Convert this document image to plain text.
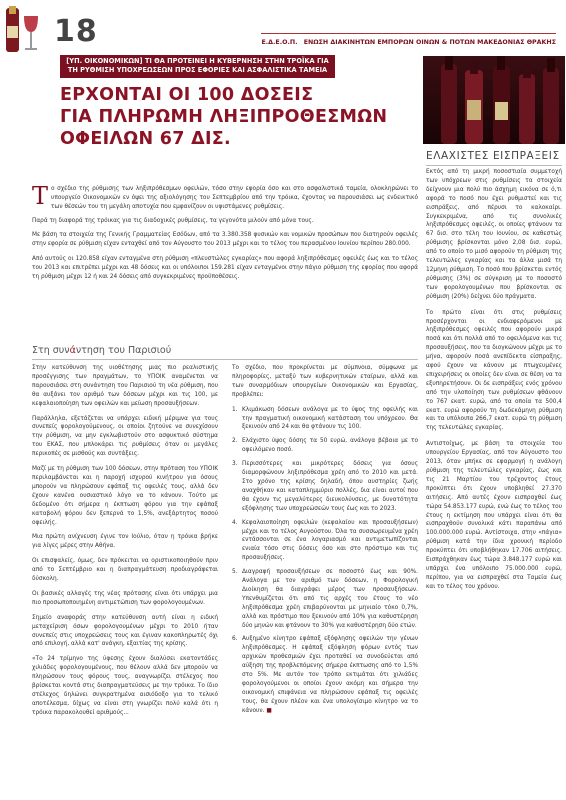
18	Ε.Δ.Ε.Ο.Π. ΕΝΩΣΗ ΔΙΑΚΙΝΗΤΩΝ ΕΜΠΟΡΩΝ ΟΙΝΩΝ & ΠΟΤΩΝ ΜΑΚΕΔΟΝΙΑΣ ΘΡΑΚΗΣ
[ΥΠ. ΟΙΚΟΝΟΜΙΚΩΝ] ΤΙ ΘΑ ΠΡΟΤΕΙΝΕΙ Η ΚΥΒΕΡΝΗΣΗ ΣΤΗΝ ΤΡΟΪΚΑ ΓΙΑ ΤΗ ΡΥΘΜΙΣΗ ΥΠΟΧΡΕΩΣΕΩΝ ΠΡΟΣ ΕΦΟΡΙΕΣ ΚΑΙ ΑΣΦΑΛΙΣΤΙΚΑ ΤΑΜΕΙΑ
ΕΡΧΟΝΤΑΙ ΟΙ 100 ΔΟΣΕΙΣ
ΓΙΑ ΠΛΗΡΩΜΗ ΛΗΞΙΠΡΟΘΕΣΜΩΝ
ΟΦΕΙΛΩΝ 67 ΔΙΣ.
ΕΛΑΧΙΣΤΕΣ ΕΙΣΠΡΑΞΕΙΣ

Εκτός από τη μικρή ποσοστιαία συμμετοχή των υπόχρεων στις ρυθμίσεις τα στοιχεία δείχνουν μια πολύ πιο άσχημη εικόνα σε ό,τι αφορά το ποσό που έχει ρυθμιστεί και τις εισπράξεις, από πέρυσι το καλοκαίρι. Συγκεκριμένα, από τις συνολικές ληξιπρόθεσμες οφειλές, οι οποίες φτάνουν τα 67 δισ. στο τέλη του Ιουνίου, σε καθεστώς ρύθμισης βρίσκονται μόνο 2,08 δισ. ευρώ, από το οποίο το μισό αφορούν τη ρύθμιση της τελευτώλες εγκαρίας και τα άλλα μισά τη 12μηνη ρύθμιση. Το ποσό που βρίσκεται εντός ρύθμισης (3%) σε σύγκριση με το ποσοστό των φορολογουμένων που βρίσκονται σε ρύθμιση (20%) δείχνει δύο πράγματα.

Το πρώτο είναι ότι στις ρυθμίσεις προσέρχονται οι ενδιαφερόμενοι με ληξιπρόθεσμες οφειλές που αφορούν μικρά ποσά και ότι πολλά από το οφειλόμενα και τις προσαυξήσεις, που τα διογκώνουν μέχρι με το μήνα, αφορούν ποσά ανεπίδεκτα είσπραξης, αφού έχουν να κάνουν με πτωχευμένες επιχειρήσεις οι οποίες δεν είναι σε θέση να τα εξυπηρετήσουν. Οι δε εισπράξεις ενός χρόνου από την υλοποίηση των ρυθμίσεων φθάνουν το 767 εκατ. ευρώ, από τα οποία τα 500,4 εκατ. ευρώ αφορούν τη δωδεκάμηνη ρύθμιση και τα υπόλοιπα 266,7 εκατ. ευρώ τη ρύθμιση της τελευτώλες εγκαρίας.

Αντιστοίχως, με βάση τα στοιχεία του υπουργείου Εργασίας, από τον Αύγουστο του 2013, όταν μπήκε σε εφαρμογή η ανάλογη ρύθμιση της τελευτώλες εγκαρίας, έως και τις 21 Μαρτίου του τρέχοντος έτους προκύπτει ότι έχουν υποβληθεί 27.370 αιτήσεις. Από αυτές έχουν εισπραχθεί έως τώρα 54.853.177 ευρώ, ενώ έως το τέλος του έτους η εκτίμηση που υπάρχει είναι ότι θα εισπραχθούν συνολικά κάτι παραπάνω από 100.000.000 ευρώ. Αντίστοιχα, στην «πάγια» ρύθμιση κατά την ίδια χρονική περίοδο προκύπτει ότι υποβλήθηκαν 17.706 αιτήσεις. Εισπράχθηκαν έως τώρα 3.848.177 ευρώ και υπάρχει ένα υπόλοιπο 75.000.000 ευρώ, περίπου, για να εισπραχθεί στα Ταμεία έως και το τέλος του χρόνου.

Τ ο σχέδιο της ρύθμισης των ληξιπρόθεσμων οφειλών, τόσο στην εφορία όσο και στο ασφαλιστικά ταμεία, ολοκληρώνει το υπουργείο Οικονομικών εν όψει της αξιολόγησης του Σεπτεμβρίου από την τρόικα, έχοντας να παρουσιάσει ως ενδεικτικό των θέσεών του τη μεγάλη αποτυχία που εμφανίζουν οι υφιστάμενες ρυθμίσεις.

Παρά τη διαφορά της τρόικας για τις διαδοχικές ρυθμίσεις, τα γεγονότα μιλούν από μόνα τους.

Με βάση τα στοιχεία της Γενικής Γραμματείας Εσόδων, από τα 3.380.358 φυσικών και νομικών προσώπων που διατηρούν οφειλές στην εφορία σε ρύθμιση είχαν ενταχθεί από τον Αύγουστο του 2013 μέχρι και το τέλος του περασμένου Ιουνίου περίπου 280.000.

Από αυτούς οι 120.858 είχαν ενταγμένα στη ρύθμιση «πλευστώλες εγκαρίας» που αφορά ληξιπρόθεσμες οφειλές έως και το τέλος του 2013 και επιτρέπει μέχρι και 48 δόσεις και οι υπόλοιποι 159.281 είχαν ενταγμένοι στην πάγιο ρύθμιση της εφορίας που αφορά τη ρύθμιση μέχρι 12 ή και 24 δόσεις από συγκεκριμένες προϋποθέσεις.

Στη συνάντηση του Παρισιού

Στην κατεύθυνση της υιοθέτησης μιας πιο ρεαλιστικής προσέγγισης των πραγμάτων, το ΥΠΟΙΚ αναμένεται να παρουσιάσει στη συνάντηση του Παρισιού τη νέα ρύθμιση, που θα αυξάνει τον αριθμό των δόσεων μέχρι και τις 100, με κεφαλαιοποίηση των οφειλών και μείωση προσαυξήσεων.

Παράλληλα, εξετάζεται να υπάρχει ειδική μέριμνα για τους συνεπείς φορολογούμενους, οι οποίοι ζητούνε να συνεχίσουν την ρύθμιση, να μην εγκλωβιστούν στο ασφυκτικό σύστημα του ΕΚΑΣ, που μπλοκάρει τις ρυθμίσεις όταν οι μεγάλες περικοπές σε μισθούς και συντάξεις.

Μαζί με τη ρύθμιση των 100 δόσεων, στην πρόταση του ΥΠΟΙΚ περιλαμβάνεται και η παροχή ισχυρού κινήτρου για όσους μπορούν να πληρώσουν εφάπαξ τις οφειλές τους, αλλά δεν έχουν κανένα ουσιαστικό λόγο να το κάνουν. Τούτο με δεδομένο ότι σήμερα η έκπτωση φόρου για την εφάπαξ καταβολή φόρου δεν ξεπερνά το 1,5%, ανεξάρτητος ποσού οφειλής.

Μια πρώτη ανίχνευση έγινε τον Ιούλιο, όταν η τρόικα βρήκε για λίγες μέρες στην Αθήνα.

Οι επισφαλείς, όμως, δεν πρόκειται να οριστικοποιηθούν πριν από το Σεπτέμβριο και η διαπραγμάτευση προδιαγράφεται δύσκολη.

Οι βασικές αλλαγές της νέας πρότασης είναι ότι υπάρχει μια πιο προσωποποιημένη αντιμετώπιση των φορολογουμένων.

Σημείο αναφοράς στην κατεύθυνση αυτή είναι η ειδική μεταχείριση όσων φορολογουμένων μέχρι το 2010 ήταν συνεπείς στις υποχρεώσεις τους και έγιναν κακοπληρωτές όχι από επιλογή, αλλά κατ' ανάγκη, εξαιτίας της κρίσης.

«Το 24 τρίμηνο της ύφεσης έχουν διαλύσει εκατοντάδες χιλιάδες φορολογουμένους, που θέλουν αλλά δεν μπορούν να πληρώσουν τους φόρους τους, αναγνωρίζει στέλεχος που βρίσκεται κοντά στις διαπραγματεύσεις με την τρόικα. Το ίδιο στέλεχος δηλώνει συγκρατημένα αισιόδοξο για το τελικό αποτέλεσμα, δίχως να είναι στη γνωρίζει πολύ καλά ότι η τρόικα παρακολουθεί αριθμούς...

Το σχέδιο, που προκρίνεται με σύμπνοια, σύμφωνα με πληροφορίες, μεταξύ των κυβερνητικών εταίρων, αλλά και των συναρμόδιων υπουργείων Οικονομικών και Εργασίας, προβλέπει:

1. Κλιμάκωση δόσεων ανάλογα με το ύψος της οφειλής και την πραγματική οικονομική κατάσταση του υπόχρεου. Θα ξεκινούν από 24 και θα φτάνουν τις 100.
2. Ελάχιστο ύψος δόσης τα 50 ευρώ, ανάλογα βέβαια με το οφειλόμενο ποσό.
3. Περισσότερες και μικρότερες δόσεις για όσους διαμορφώνουν ληξιπρόθεσμα χρέη από το 2010 και μετά. Στο χρόνο της κρίσης δηλαδή, όπου αυστηρίες ζωής αναχθήκαν και καταπλημμύριο πολλές, δια είναι αυτοί που θα έχουν τις μεγαλύτερες διευκολύνσεις, με δυνατότητα εξόφλησης των υποχρεώσεών τους έως και το 2023.
4. Κεφαλαιοποίηση οφειλών (κεφαλαίου και προσαυξήσεων) μέχρι και το τέλος Αυγούστου. Όλα τα συσσωρευμένα χρέη εντάσσονται σε ένα λογαριασμό και αντιμετωπίζονται ενιαία τόσο στις δόσεις όσο και στο πρόστιμο και τις προσαυξήσεις.
5. Διαγραφή προσαυξήσεων σε ποσοστό έως και 90%. Ανάλογα με τον αριθμό των δόσεων, η Φορολογική Διοίκηση θα διαγράφει μέρος των προσαυξήσεων. Υπενθυμίζεται ότι από τις αρχές του έτους το νέο ληξιπρόθεσμα χρέη επιβαρύνονται με μηνιαίο τόκο 0,7%, αλλά και πρόστιμο που ξεκινούν από 10% για καθυστέρηση δύο μηνών και φτάνουν το 30% για καθυστέρηση δύο ετών.
6. Αυξημένο κίνητρο εφάπαξ εξόφλησης οφειλών την γένων ληξιπρόθεσμες. Η εφάπαξ εξόφληση φόρων εντός των αρχικών προθεσμιών έχει προταθεί να συνοδεύεται από αύξηση της προβλεπόμενης σήμερα έκπτωσης από το 1,5% στο 5%. Με αυτόν τον τρόπο εκτιμάται ότι χιλιάδες φορολογούμενοι οι οποίοι έχουν ακόμη και σήμερα την οικονομική επιφάνεια να πληρώσουν εφάπαξ τις οφειλές τους, θα έχουν πλέον και ένα υπολογίσιμο κίνητρο να το κάνουν. ■
